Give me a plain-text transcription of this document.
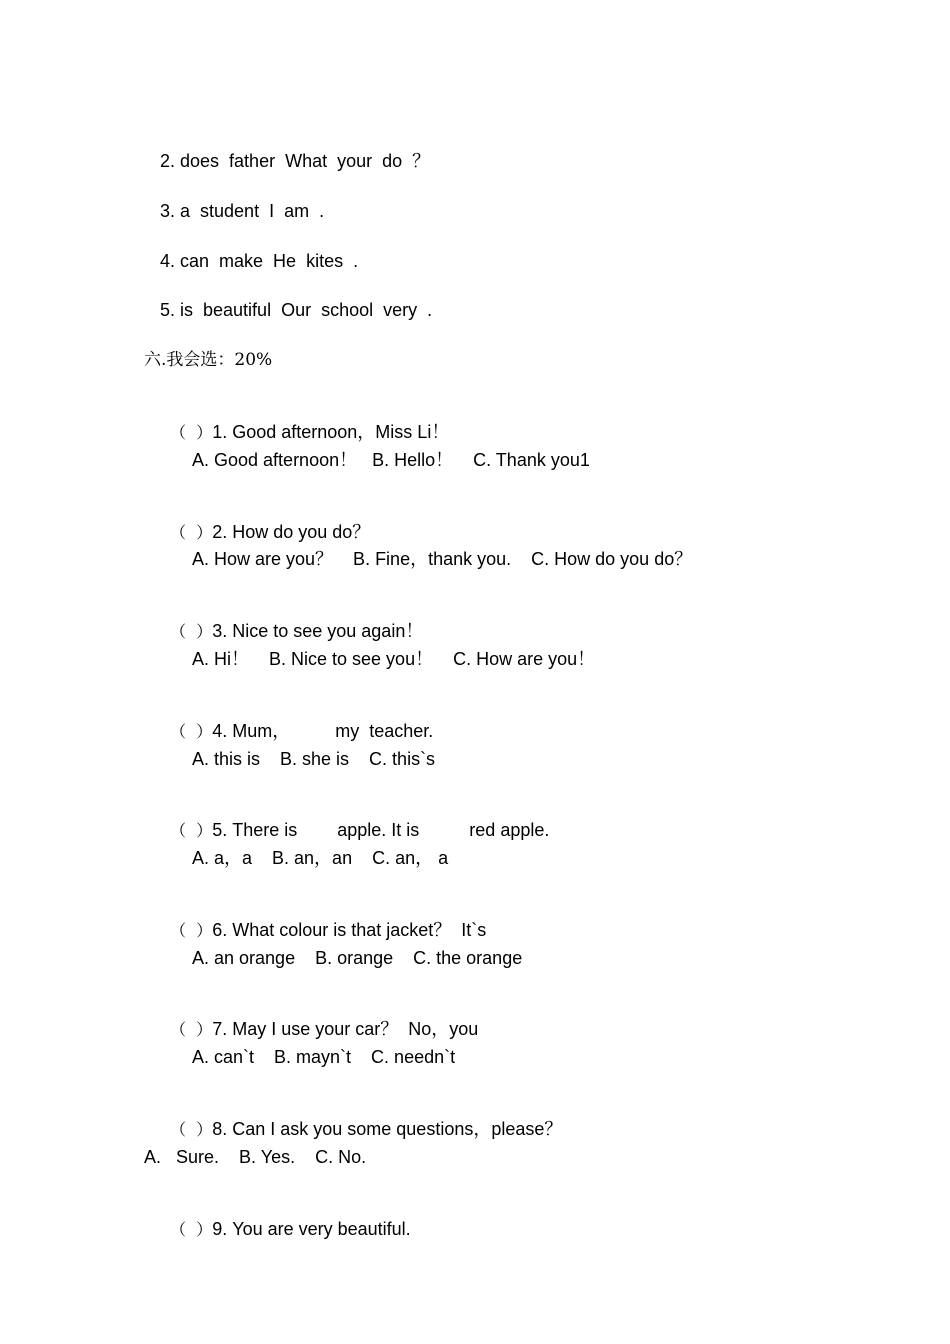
2. does  father  What  your  do  ？
3. a  student  I  am  .
4. can  make  He  kites  .
5. is  beautiful  Our  school  very  .
六.我会选：20%

（  ）1. Good afternoon，Miss Li！

A. Good afternoon！   B. Hello！    C. Thank you1

（  ）2. How do you do？

A. How are you？    B. Fine，thank you.    C. How do you do？

（  ）3. Nice to see you again！

A. Hi！    B. Nice to see you！    C. How are you！

（  ）4. Mum，         my  teacher.

A. this is    B. she is    C. this`s

（  ）5. There is        apple. It is          red apple.

A. a，a    B. an，an    C. an， a

（  ）6. What colour is that jacket？  It`s

A. an orange    B. orange    C. the orange

（  ）7. May I use your car？  No，you

A. can`t    B. mayn`t    C. needn`t

（  ）8. Can I ask you some questions，please？

A.   Sure.    B. Yes.    C. No.

（  ）9. You are very beautiful.
